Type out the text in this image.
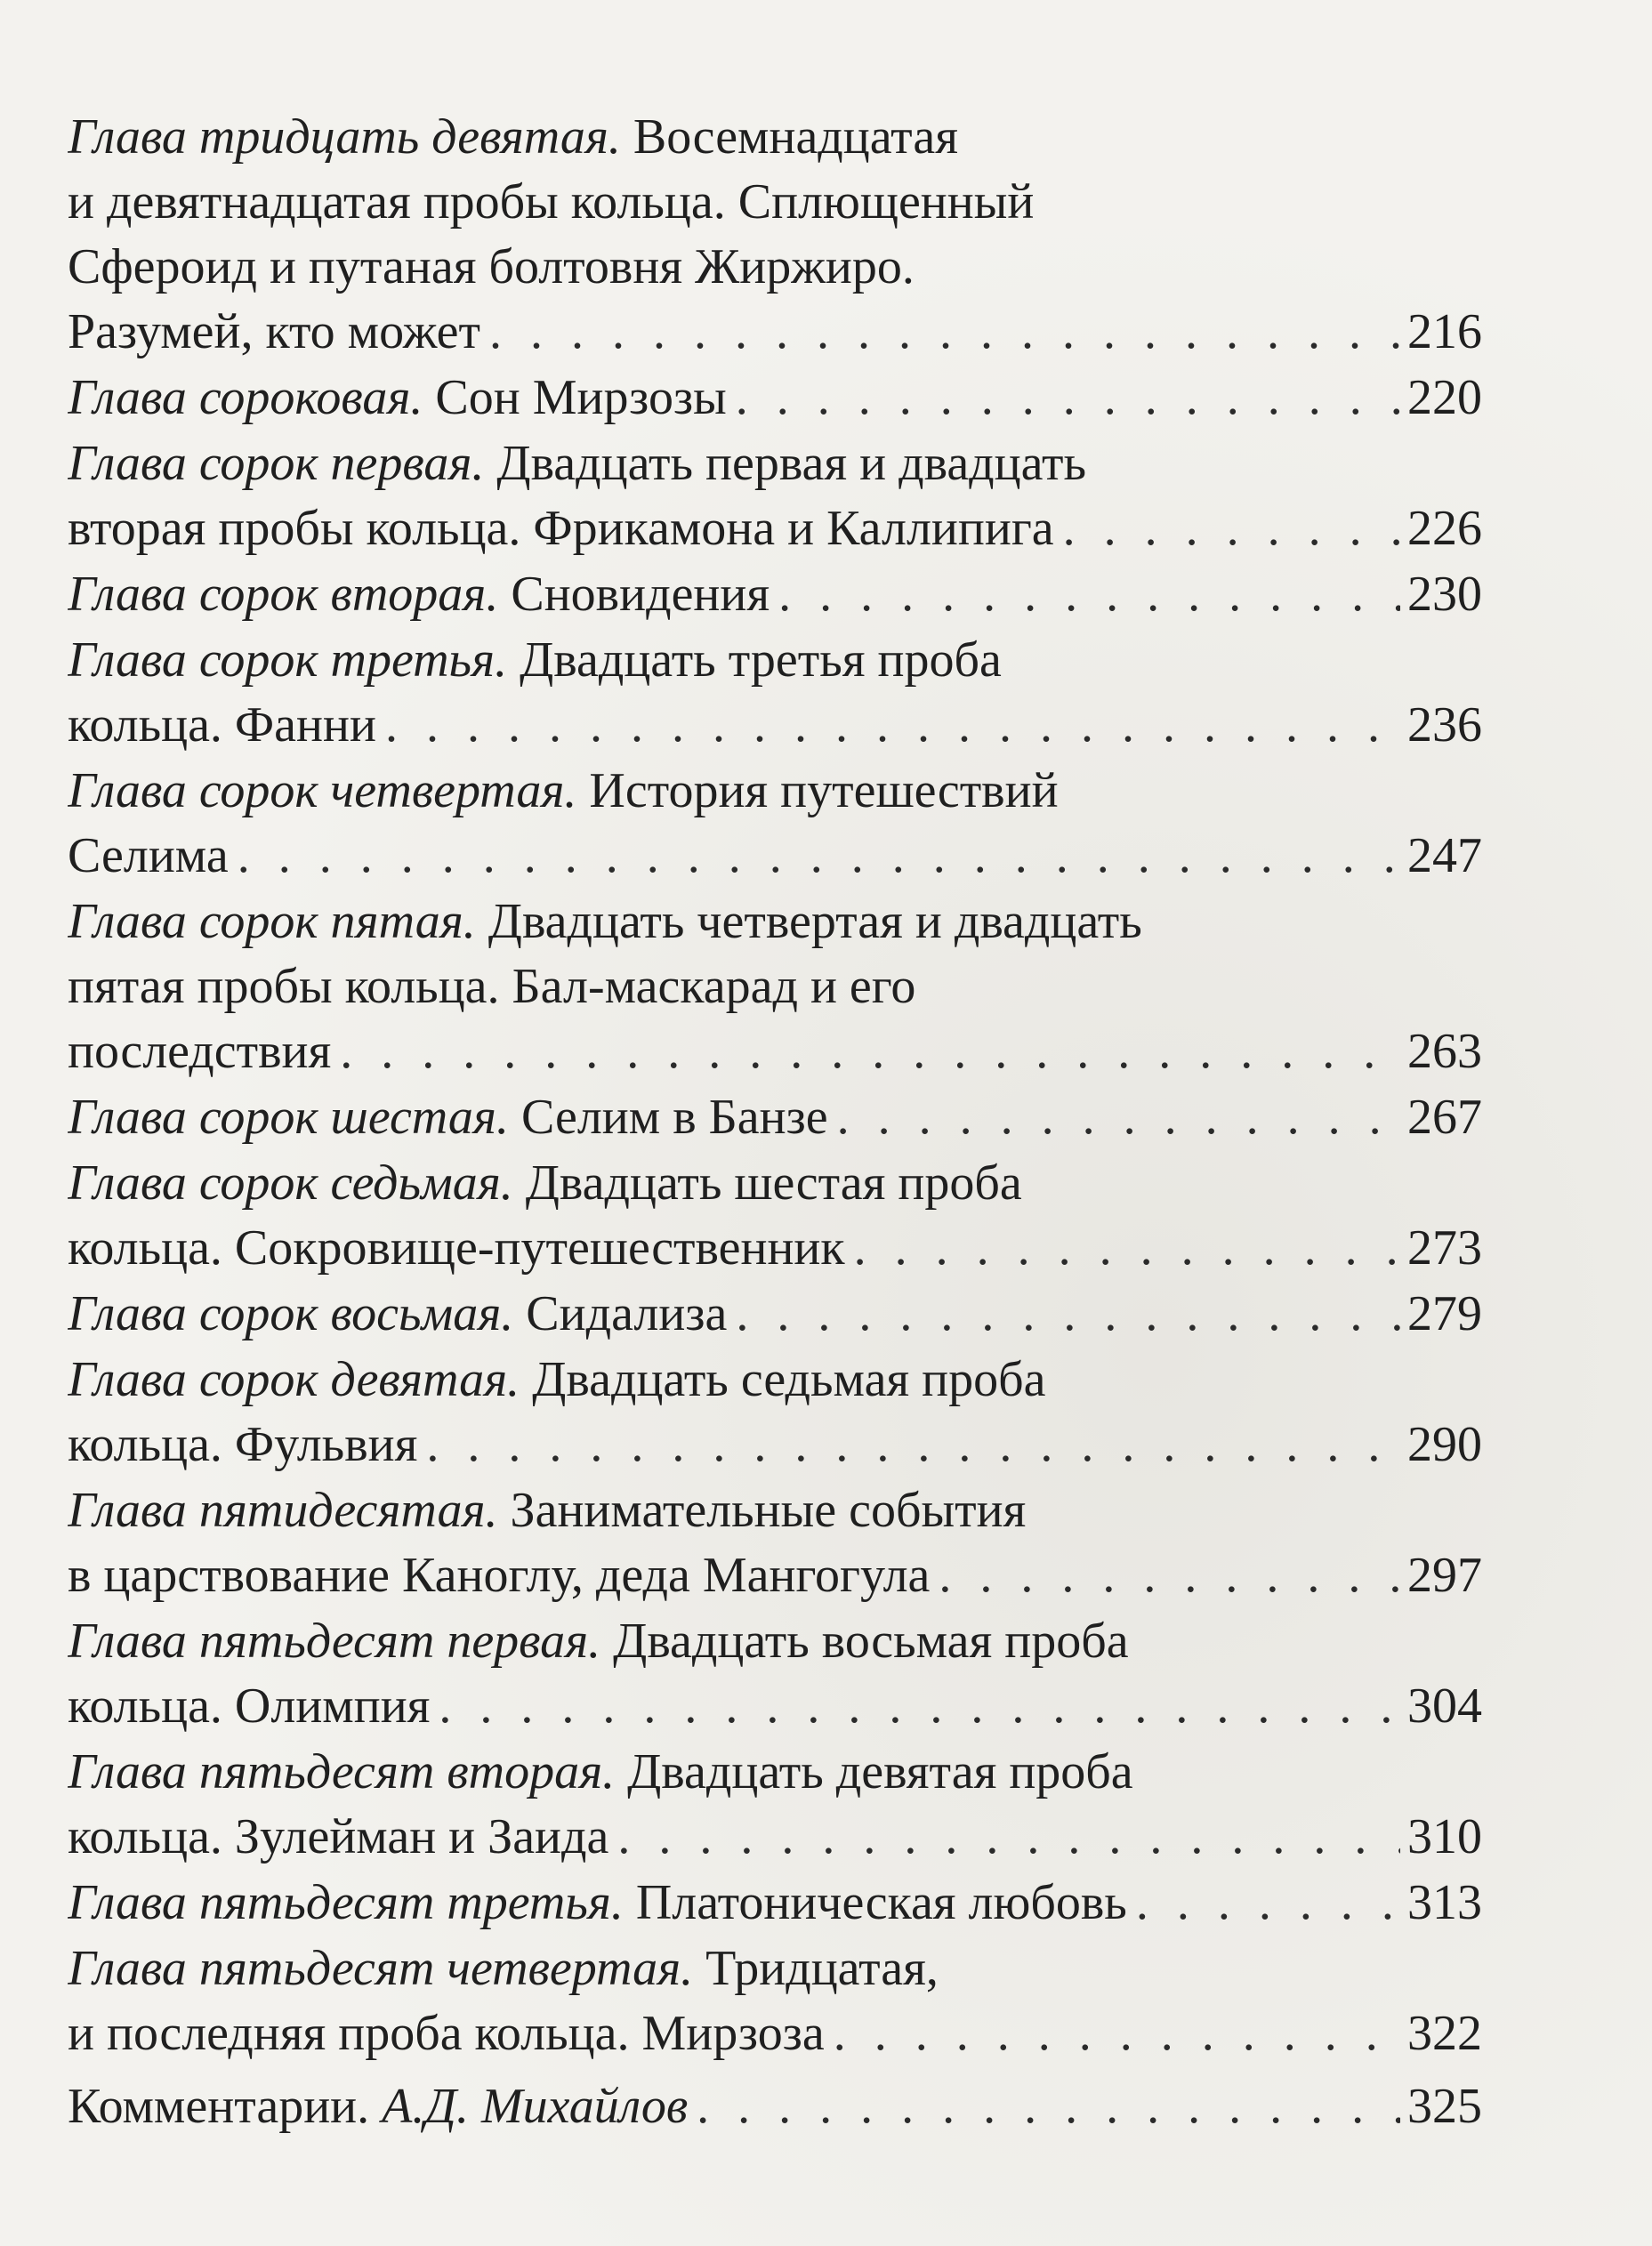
Глава тридцать девятая. Восемнадцатая
и девятнадцатая пробы кольца. Сплющенный
Сфероид и путаная болтовня Жиржиро.
Разумей, кто может . . .	216
Глава сороковая.
Сон Мирзозы . . .	220
Глава сорок первая. Двадцать первая и двадцать
вторая пробы кольца. Фрикамона и Каллипига . . .	226
Глава сорок вторая.
Сновидения . . .	230
Глава сорок третья. Двадцать третья проба
кольца. Фанни . . .	236
Глава сорок четвертая. История путешествий
Селима . . .	247
Глава сорок пятая. Двадцать четвертая и двадцать
пятая пробы кольца. Бал-маскарад и его
последствия . . .	263
Глава сорок шестая.
Селим в Банзе . . .	267
Глава сорок седьмая. Двадцать шестая проба
кольца. Сокровище-путешественник . . .	273
Глава сорок восьмая.
Сидализа . . .	279
Глава сорок девятая. Двадцать седьмая проба
кольца. Фульвия . . .	290
Глава пятидесятая. Занимательные события
в царствование Каноглу, деда Мангогула . . .	297
Глава пятьдесят первая. Двадцать восьмая проба
кольца. Олимпия . . .	304
Глава пятьдесят вторая. Двадцать девятая проба
кольца. Зулейман и Заида . . .	310
Глава пятьдесят третья.
Платоническая любовь . . .	313
Глава пятьдесят четвертая. Тридцатая,
и последняя проба кольца. Мирзоза . . .	322
Комментарии.
А.Д. Михайлов . . .	325
